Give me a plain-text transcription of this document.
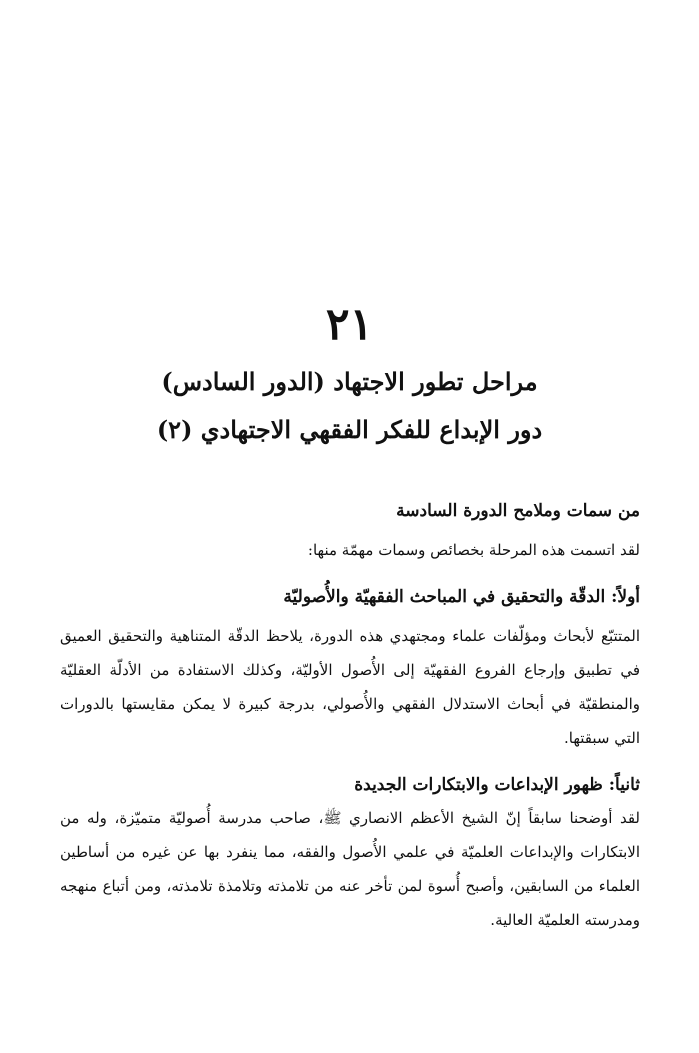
٢١
مراحل تطور الاجتهاد (الدور السادس)
دور الإبداع للفكر الفقهي الاجتهادي (٢)

من سمات وملامح الدورة السادسة

لقد اتسمت هذه المرحلة بخصائص وسمات مهمّة منها:

أولاً: الدقّة والتحقيق في المباحث الفقهيّة والأُصوليّة

المتتبّع لأبحاث ومؤلّفات علماء ومجتهدي هذه الدورة، يلاحظ الدقّة المتناهية والتحقيق العميق في تطبيق وإرجاع الفروع الفقهيّة إلى الأُصول الأوليّة، وكذلك الاستفادة من الأدلّة العقليّة والمنطقيّة في أبحاث الاستدلال الفقهي والأُصولي، بدرجة كبيرة لا يمكن مقايستها بالدورات التي سبقتها.

ثانياً: ظهور الإبداعات والابتكارات الجديدة

لقد أوضحنا سابقاً إنّ الشيخ الأعظم الانصاري ﷺ، صاحب مدرسة أُصوليّة متميّزة، وله من الابتكارات والإبداعات العلميّة في علمي الأُصول والفقه، مما ينفرد بها عن غيره من أساطين العلماء من السابقين، وأصبح أُسوة لمن تأخر عنه من تلامذته وتلامذة تلامذته، ومن أتباع منهجه ومدرسته العلميّة العالية.
